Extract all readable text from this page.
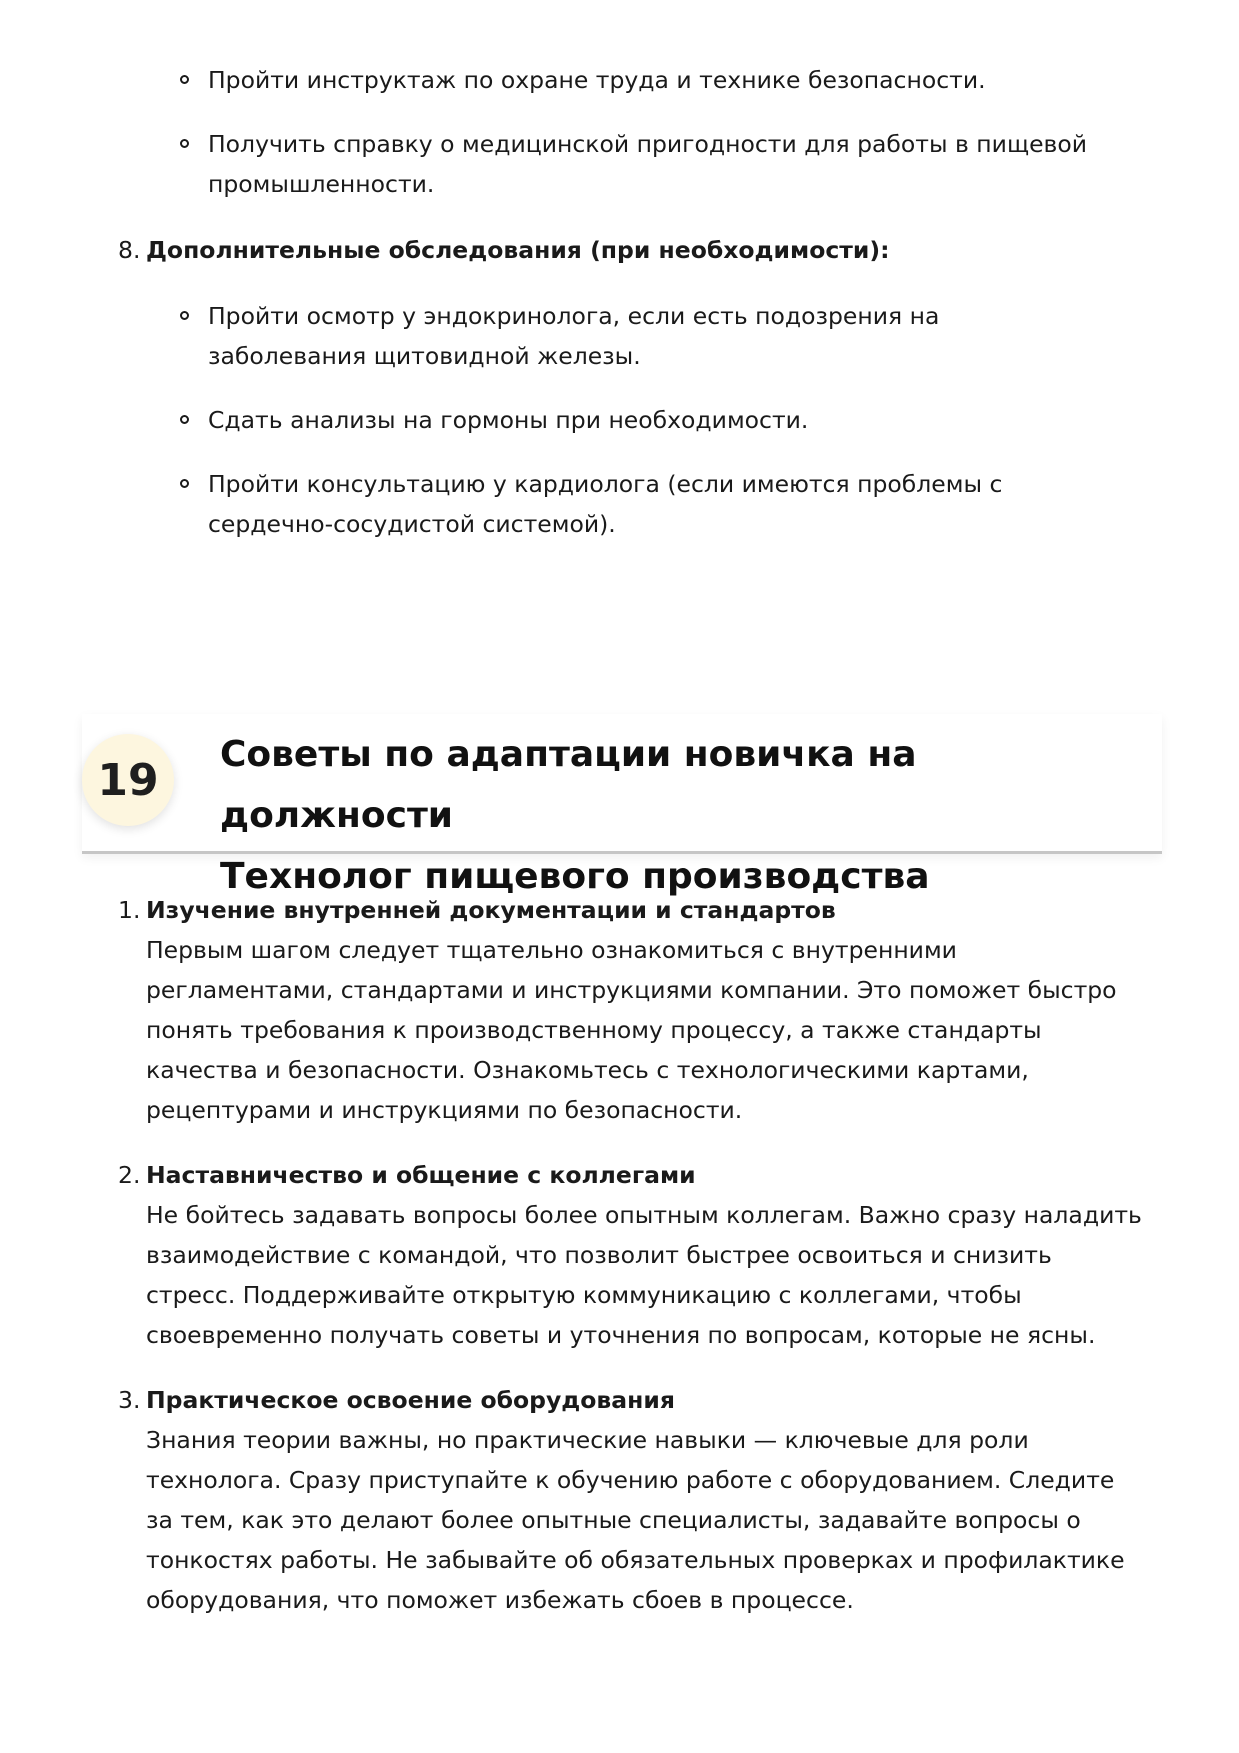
Пройти инструктаж по охране труда и технике безопасности.
Получить справку о медицинской пригодности для работы в пищевой промышленности.
8. Дополнительные обследования (при необходимости):
Пройти осмотр у эндокринолога, если есть подозрения на заболевания щитовидной железы.
Сдать анализы на гормоны при необходимости.
Пройти консультацию у кардиолога (если имеются проблемы с сердечно-сосудистой системой).
19	Советы по адаптации новичка на должности
Технолог пищевого производства
1. Изучение внутренней документации и стандартов
Первым шагом следует тщательно ознакомиться с внутренними регламентами, стандартами и инструкциями компании. Это поможет быстро понять требования к производственному процессу, а также стандарты качества и безопасности. Ознакомьтесь с технологическими картами, рецептурами и инструкциями по безопасности.
2. Наставничество и общение с коллегами
Не бойтесь задавать вопросы более опытным коллегам. Важно сразу наладить взаимодействие с командой, что позволит быстрее освоиться и снизить стресс. Поддерживайте открытую коммуникацию с коллегами, чтобы своевременно получать советы и уточнения по вопросам, которые не ясны.
3. Практическое освоение оборудования
Знания теории важны, но практические навыки — ключевые для роли технолога. Сразу приступайте к обучению работе с оборудованием. Следите за тем, как это делают более опытные специалисты, задавайте вопросы о тонкостях работы. Не забывайте об обязательных проверках и профилактике оборудования, что поможет избежать сбоев в процессе.
